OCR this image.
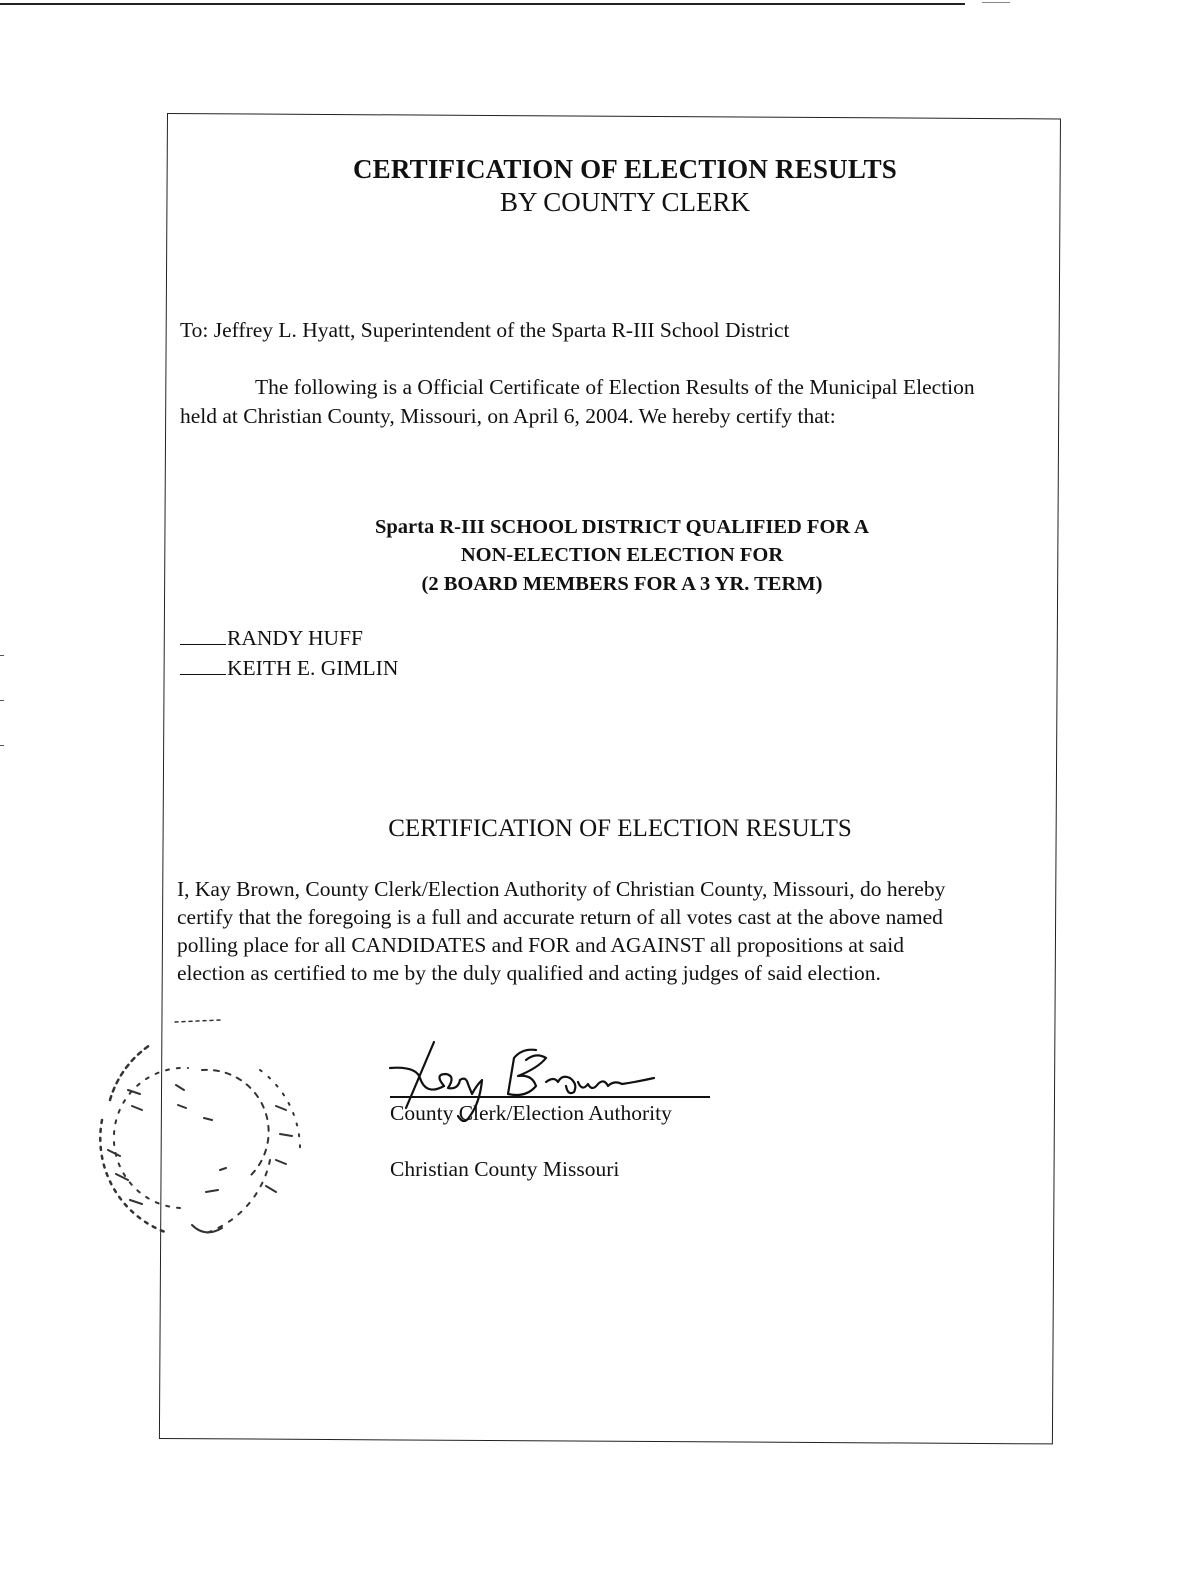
CERTIFICATION OF ELECTION RESULTS
BY COUNTY CLERK
To: Jeffrey L. Hyatt, Superintendent of the Sparta R-III School District
The following is a Official Certificate of Election Results of the Municipal Election
held at Christian County, Missouri, on April 6, 2004. We hereby certify that:
Sparta R-III SCHOOL DISTRICT QUALIFIED FOR A
NON-ELECTION ELECTION FOR
(2 BOARD MEMBERS FOR A 3 YR. TERM)
RANDY HUFF
KEITH E. GIMLIN
CERTIFICATION OF ELECTION RESULTS
I, Kay Brown, County Clerk/Election Authority of Christian County, Missouri, do hereby
certify that the foregoing is a full and accurate return of all votes cast at the above named
polling place for all CANDIDATES and FOR and AGAINST all propositions at said
election as certified to me by the duly qualified and acting judges of said election.
County Clerk/Election Authority
Christian County Missouri
